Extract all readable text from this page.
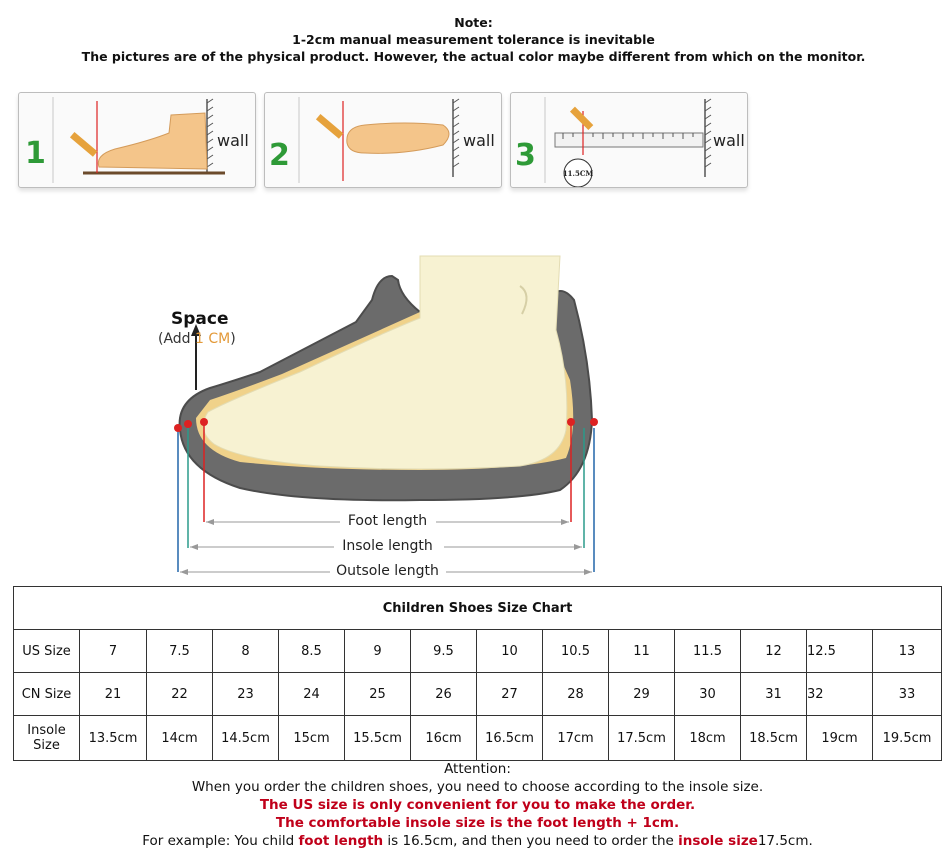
Note:
1-2cm manual measurement tolerance is inevitable
The pictures are of the physical product. However, the actual color maybe different from which on the monitor.
1	wall 2	wall 3
11.5CM
wall
Space
(Add 1 CM)
Foot length
Insole length
Outsole length
Children Shoes Size Chart													
US Size	7	7.5	8	8.5	9	9.5	10	10.5	11	11.5	12	12.5	13
CN Size	21	22	23	24	25	26	27	28	29	30	31	32	33
Insole Size	13.5cm	14cm	14.5cm	15cm	15.5cm	16cm	16.5cm	17cm	17.5cm	18cm	18.5cm	19cm	19.5cm
Attention:
When you order the children shoes, you need to choose according to the insole size.
The US size is only convenient for you to make the order.
The comfortable insole size is the foot length + 1cm.
For example: You child foot length is 16.5cm, and then you need to order the insole size17.5cm.
